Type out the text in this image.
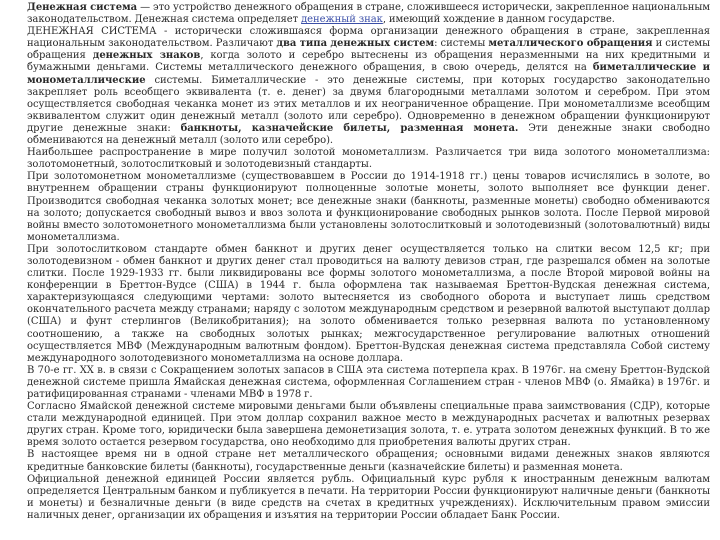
Денежная система — это устройство денежного обращения в стране, сложившееся исторически, закрепленное национальным законодательством. Денежная система определяет денежный знак, имеющий хождение в данном государстве.

ДЕНЕЖНАЯ СИСТЕМА - исторически сложившаяся форма организации денежного обращения в стране, закрепленная национальным законодательством. Различают два типа денежных систем: системы металлического обращения и системы обращения денежных знаков, когда золото и серебро вытеснены из обращения неразменными на них кредитными и бумажными деньгами. Системы металлического денежного обращения, в свою очередь, делятся на биметаллические и монометаллические системы. Биметаллические - это денежные системы, при которых государство законодательно закрепляет роль всеобщего эквивалента (т. е. денег) за двумя благородными металлами золотом и серебром. При этом осуществляется свободная чеканка монет из этих металлов и их неограниченное обращение. При монометаллизме всеобщим эквивалентом служит один денежный металл (золото или серебро). Одновременно в денежном обращении функционируют другие денежные знаки: банкноты, казначейские билеты, разменная монета. Эти денежные знаки свободно обмениваются на денежный металл (золото или серебро).

Наибольшее распространение в мире получил золотой монометаллизм. Различается три вида золотого монометаллизма: золотомонетный, золотослитковый и золотодевизный стандарты.

При золотомонетном монометаллизме (существовавшем в России до 1914-1918 гг.) цены товаров исчислялись в золоте, во внутреннем обращении страны функционируют полноценные золотые монеты, золото выполняет все функции денег. Производится свободная чеканка золотых монет; все денежные знаки (банкноты, разменные монеты) свободно обмениваются на золото; допускается свободный вывоз и ввоз золота и функционирование свободных рынков золота. После Первой мировой войны вместо золотомонетного монометаллизма были установлены золотослитковый и золотодевизный (золотовалютный) виды монометаллизма.

При золотослитковом стандарте обмен банкнот и других денег осуществляется только на слитки весом 12,5 кг; при золотодевизном - обмен банкнот и других денег стал проводиться на валюту девизов стран, где разрешался обмен на золотые слитки. После 1929-1933 гг. были ликвидированы все формы золотого монометаллизма, а после Второй мировой войны на конференции в Бреттон-Вудсе (США) в 1944 г. была оформлена так называемая Бреттон-Вудская денежная система, характеризующаяся следующими чертами: золото вытесняется из свободного оборота и выступает лишь средством окончательного расчета между странами; наряду с золотом международным средством и резервной валютой выступают доллар (США) и фунт стерлингов (Великобритания); на золото обменивается только резервная валюта по установленному соотношению, а также на свободных золотых рынках; межгосударственное регулирование валютных отношений осуществляется МВФ (Международным валютным фондом). Бреттон-Вудская денежная система представляла Собой систему международного золотодевизного монометаллизма на основе доллара.

В 70-е гг. XX в. в связи с Сокращением золотых запасов в США эта система потерпела крах. В 1976г. на смену Бреттон-Вудской денежной системе пришла Ямайская денежная система, оформленная Соглашением стран - членов МВФ (о. Ямайка) в 1976г. и ратифицированная странами - членами МВФ в 1978 г.

Согласно Ямайской денежной системе мировыми деньгами были объявлены специальные права заимствования (СДР), которые стали международной единицей. При этом доллар сохранил важное место в международных расчетах и валютных резервах других стран. Кроме того, юридически была завершена демонетизация золота, т. е. утрата золотом денежных функций. В то же время золото остается резервом государства, оно необходимо для приобретения валюты других стран.

В настоящее время ни в одной стране нет металлического обращения; основными видами денежных знаков являются кредитные банковские билеты (банкноты), государственные деньги (казначейские билеты) и разменная монета.

Официальной денежной единицей России является рубль. Официальный курс рубля к иностранным денежным валютам определяется Центральным банком и публикуется в печати. На территории России функционируют наличные деньги (банкноты и монеты) и безналичные деньги (в виде средств на счетах в кредитных учреждениях). Исключительным правом эмиссии наличных денег, организации их обращения и изъятия на территории России обладает Банк России.
